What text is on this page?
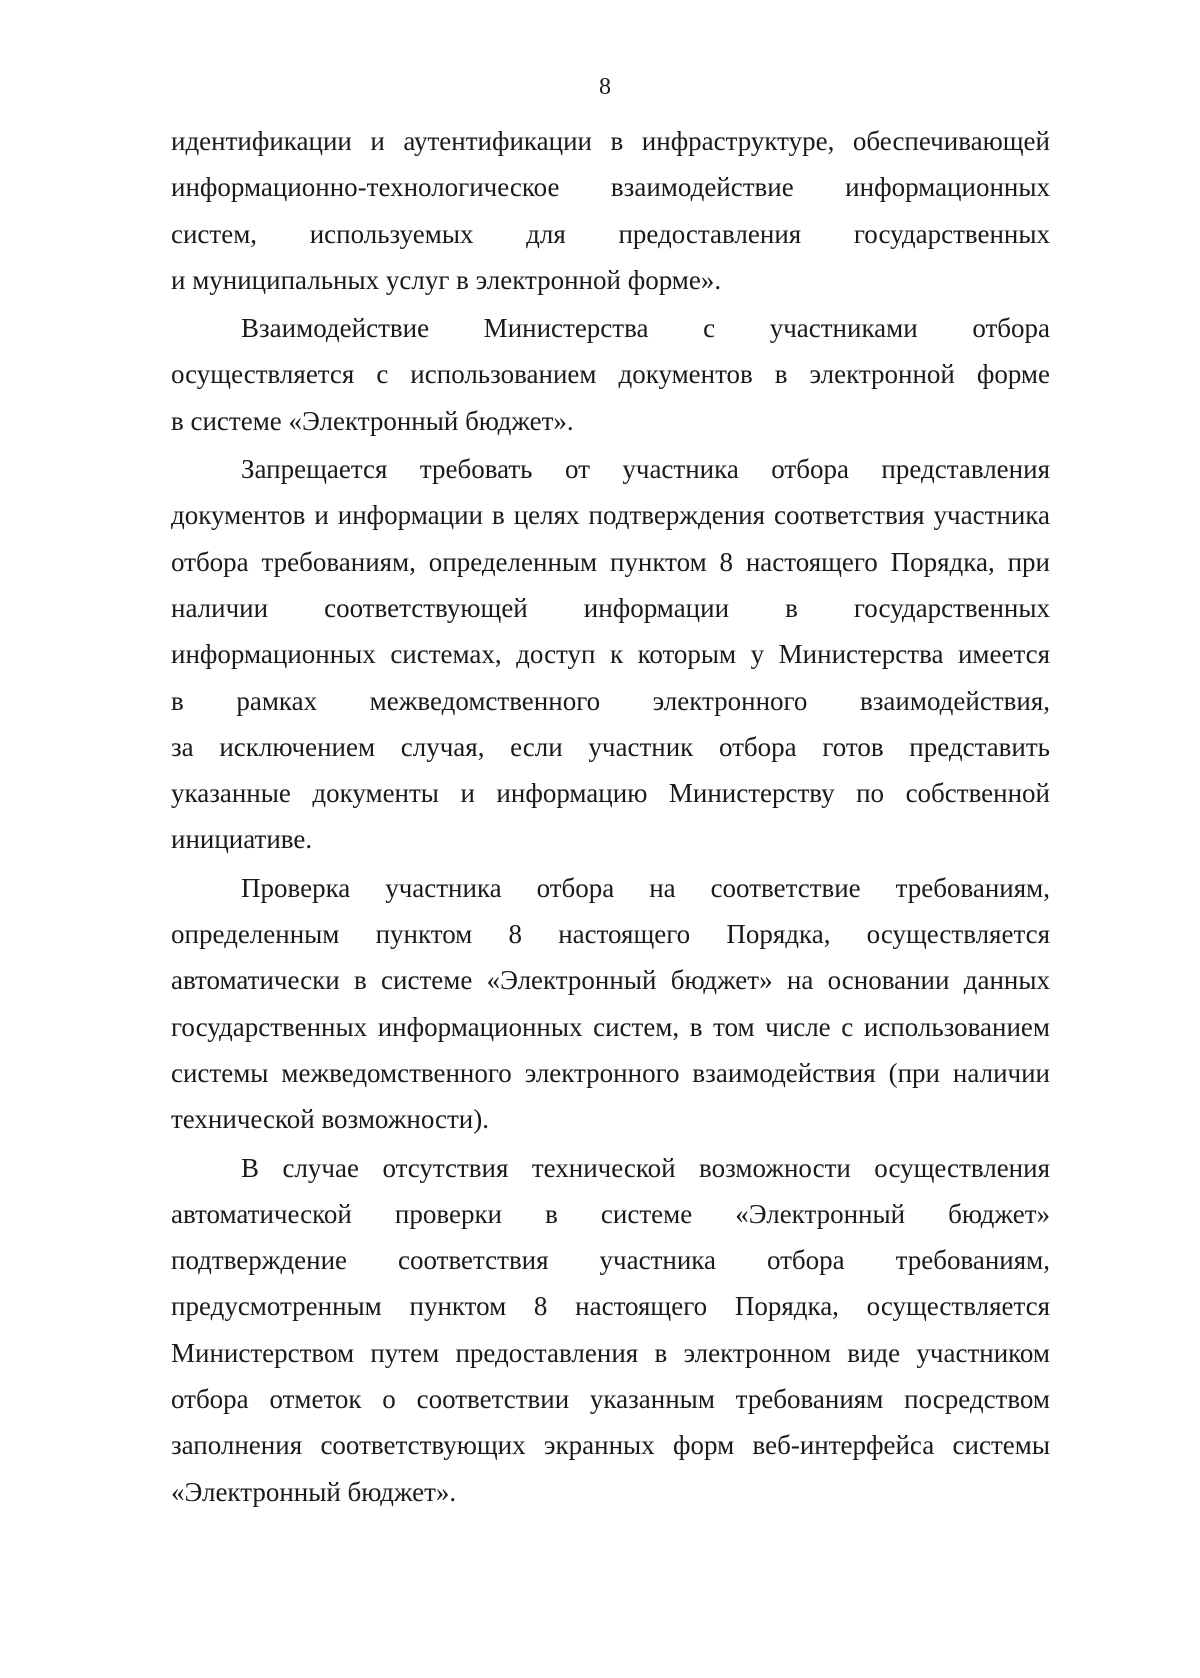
8
идентификации и аутентификации в инфраструктуре, обеспечивающей
информационно-технологическое взаимодействие информационных
систем, используемых для предоставления государственных
и муниципальных услуг в электронной форме».
Взаимодействие Министерства с участниками отбора
осуществляется с использованием документов в электронной форме
в системе «Электронный бюджет».
Запрещается требовать от участника отбора представления
документов и информации в целях подтверждения соответствия участника
отбора требованиям, определенным пунктом 8 настоящего Порядка, при
наличии соответствующей информации в государственных
информационных системах, доступ к которым у Министерства имеется
в рамках межведомственного электронного взаимодействия,
за исключением случая, если участник отбора готов представить
указанные документы и информацию Министерству по собственной
инициативе.
Проверка участника отбора на соответствие требованиям,
определенным пунктом 8 настоящего Порядка, осуществляется
автоматически в системе «Электронный бюджет» на основании данных
государственных информационных систем, в том числе с использованием
системы межведомственного электронного взаимодействия (при наличии
технической возможности).
В случае отсутствия технической возможности осуществления
автоматической проверки в системе «Электронный бюджет»
подтверждение соответствия участника отбора требованиям,
предусмотренным пунктом 8 настоящего Порядка, осуществляется
Министерством путем предоставления в электронном виде участником
отбора отметок о соответствии указанным требованиям посредством
заполнения соответствующих экранных форм веб-интерфейса системы
«Электронный бюджет».
